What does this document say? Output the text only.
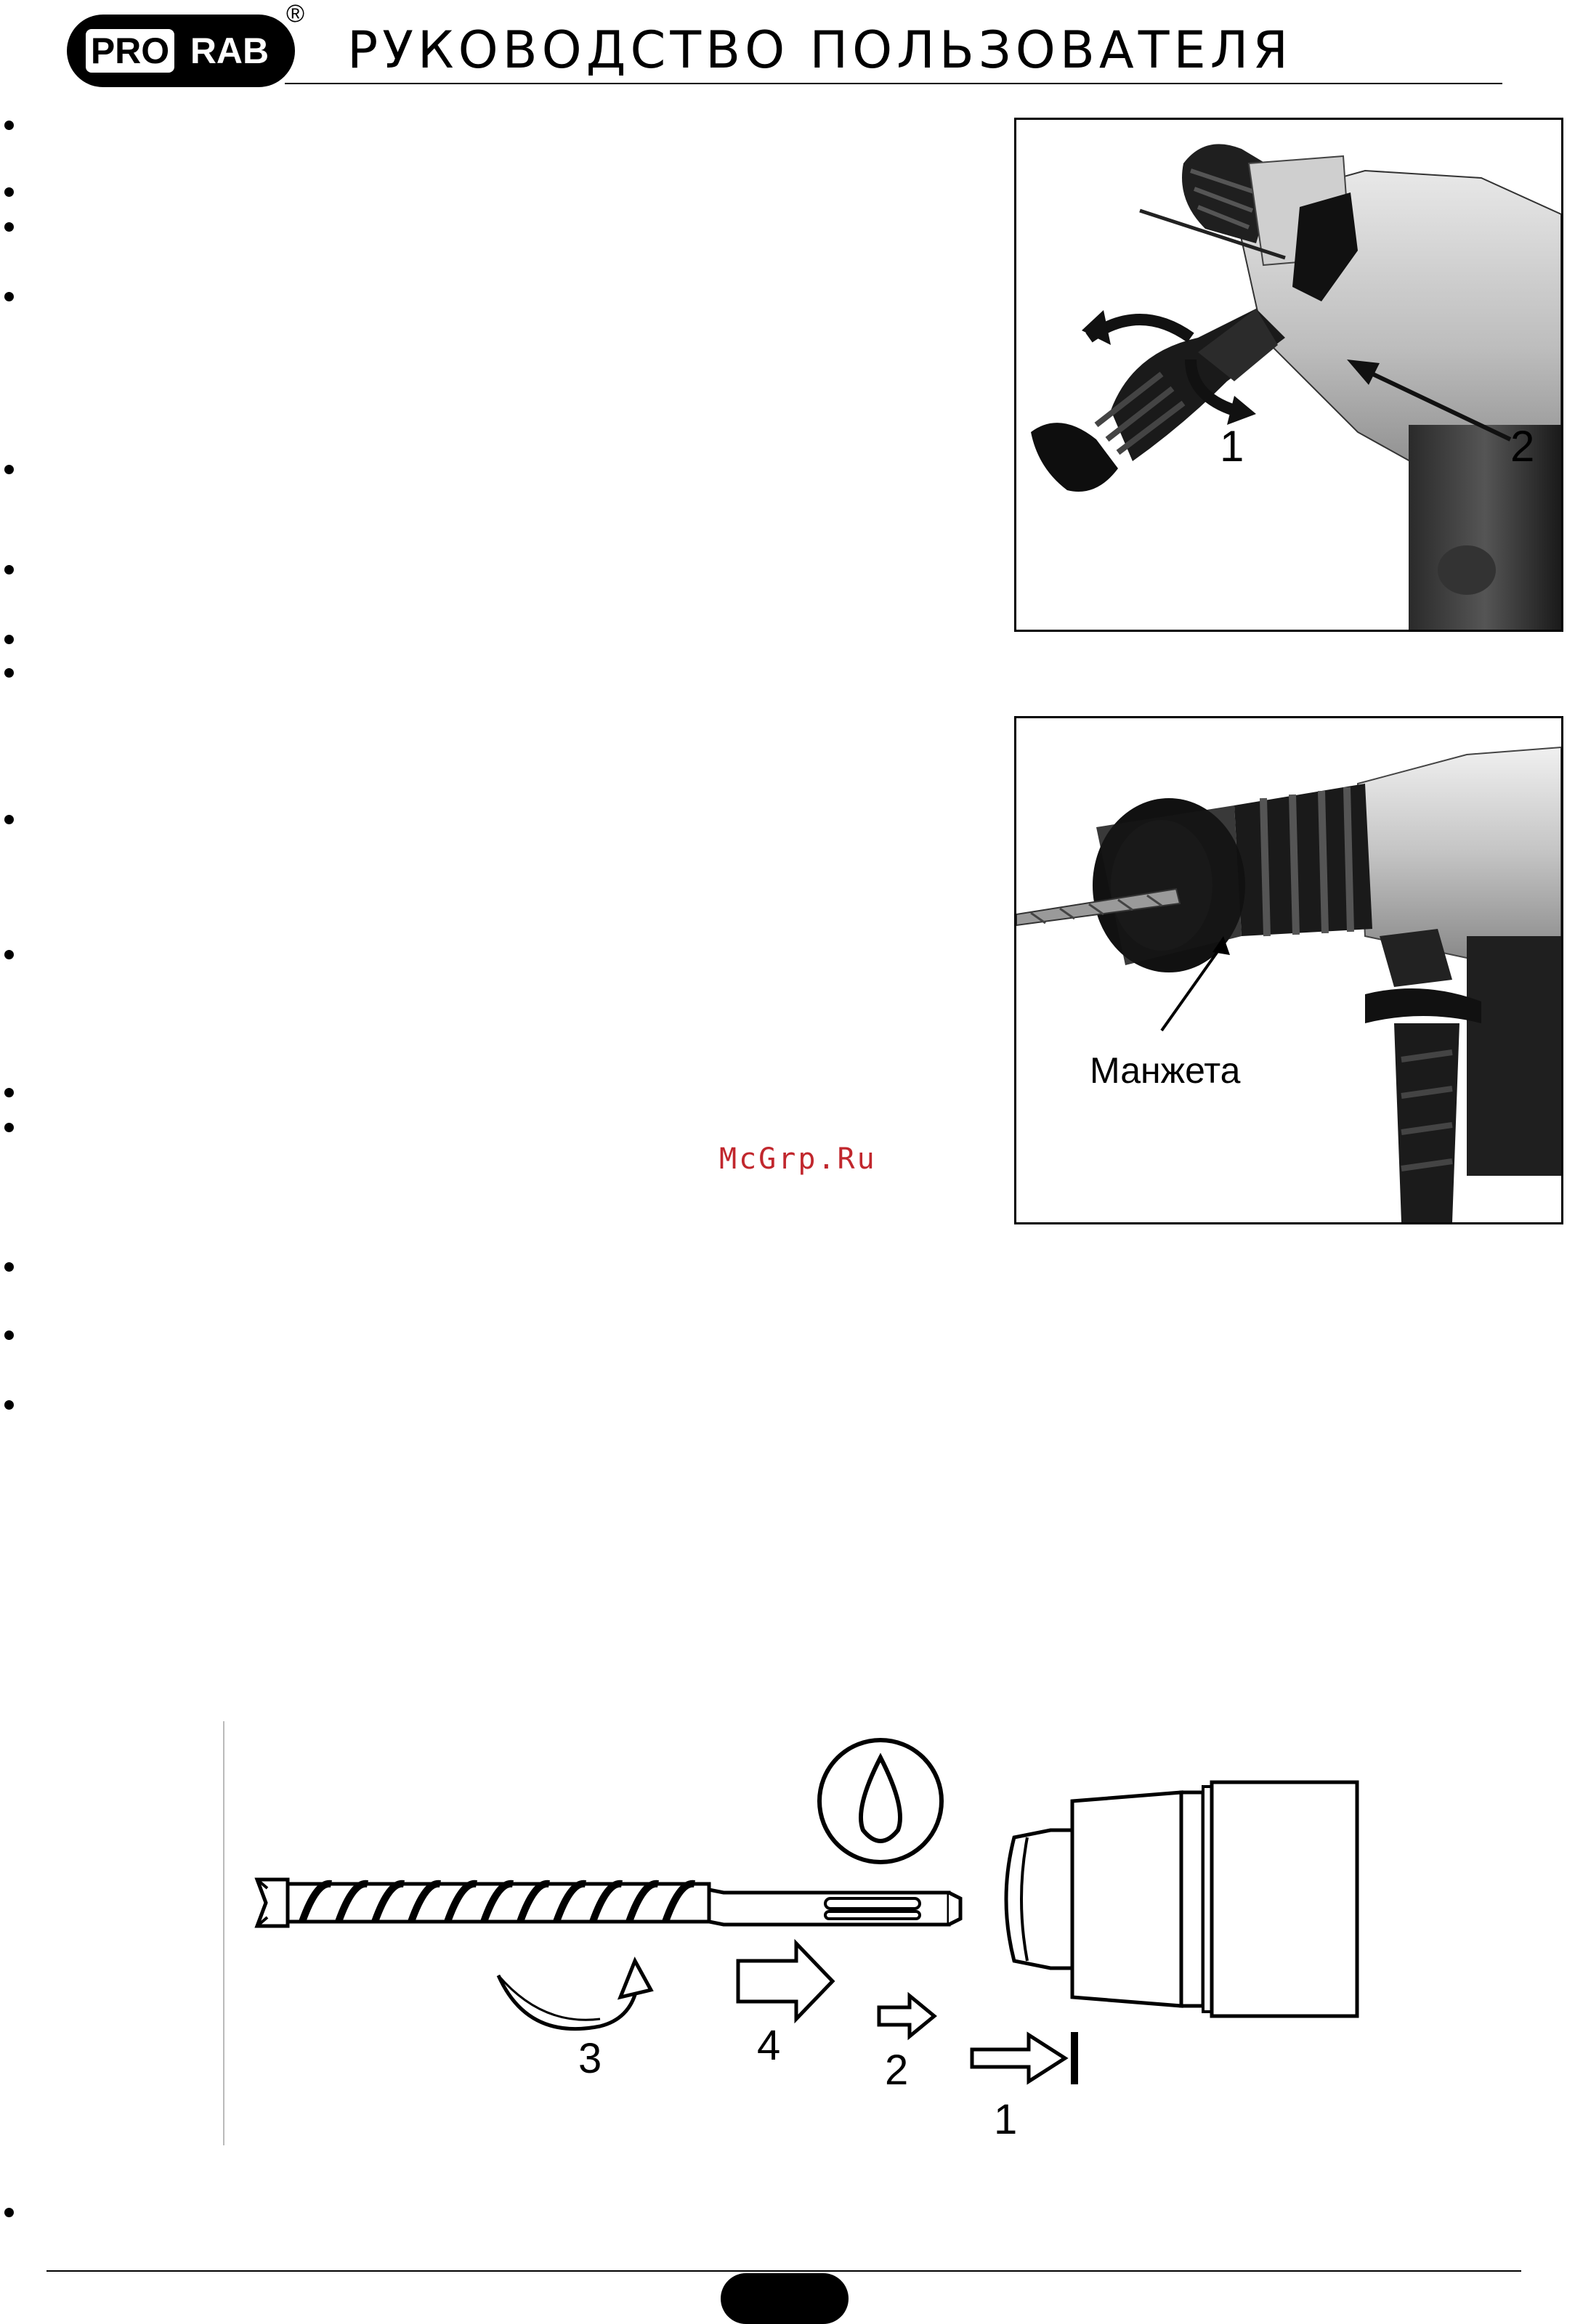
PRO RAB
®
РУКОВОДСТВО ПОЛЬЗОВАТЕЛЯ
1	2
Манжета
McGrp.Ru
3	4
2
1
